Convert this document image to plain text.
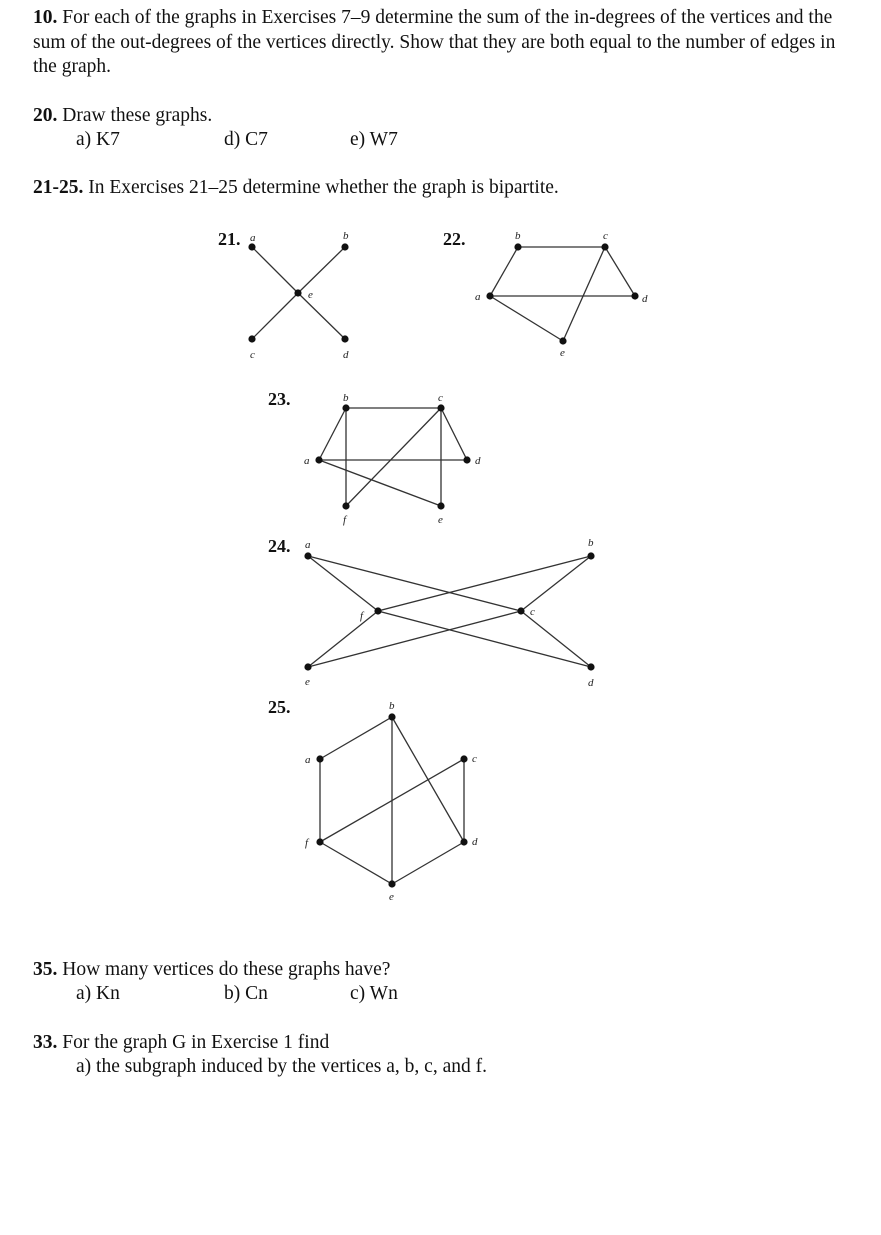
10. For each of the graphs in Exercises 7–9 determine the sum of the in-degrees of the vertices and the sum of the out-degrees of the vertices directly. Show that they are both equal to the number of edges in the graph.

20. Draw these graphs.

a) K7	d) C7	e) W7

21-25. In Exercises 21–25 determine whether the graph is bipartite.

21.	22.
23.
24.
25.
a	b
e
c	d
b	c
a	d
e
b	c
a	d
f	e
a	b
f	c
e	d
b
a	c
f	d
e

35. How many vertices do these graphs have?

a) Kn	b) Cn	c) Wn

33. For the graph G in Exercise 1 find

a) the subgraph induced by the vertices a, b, c, and f.
